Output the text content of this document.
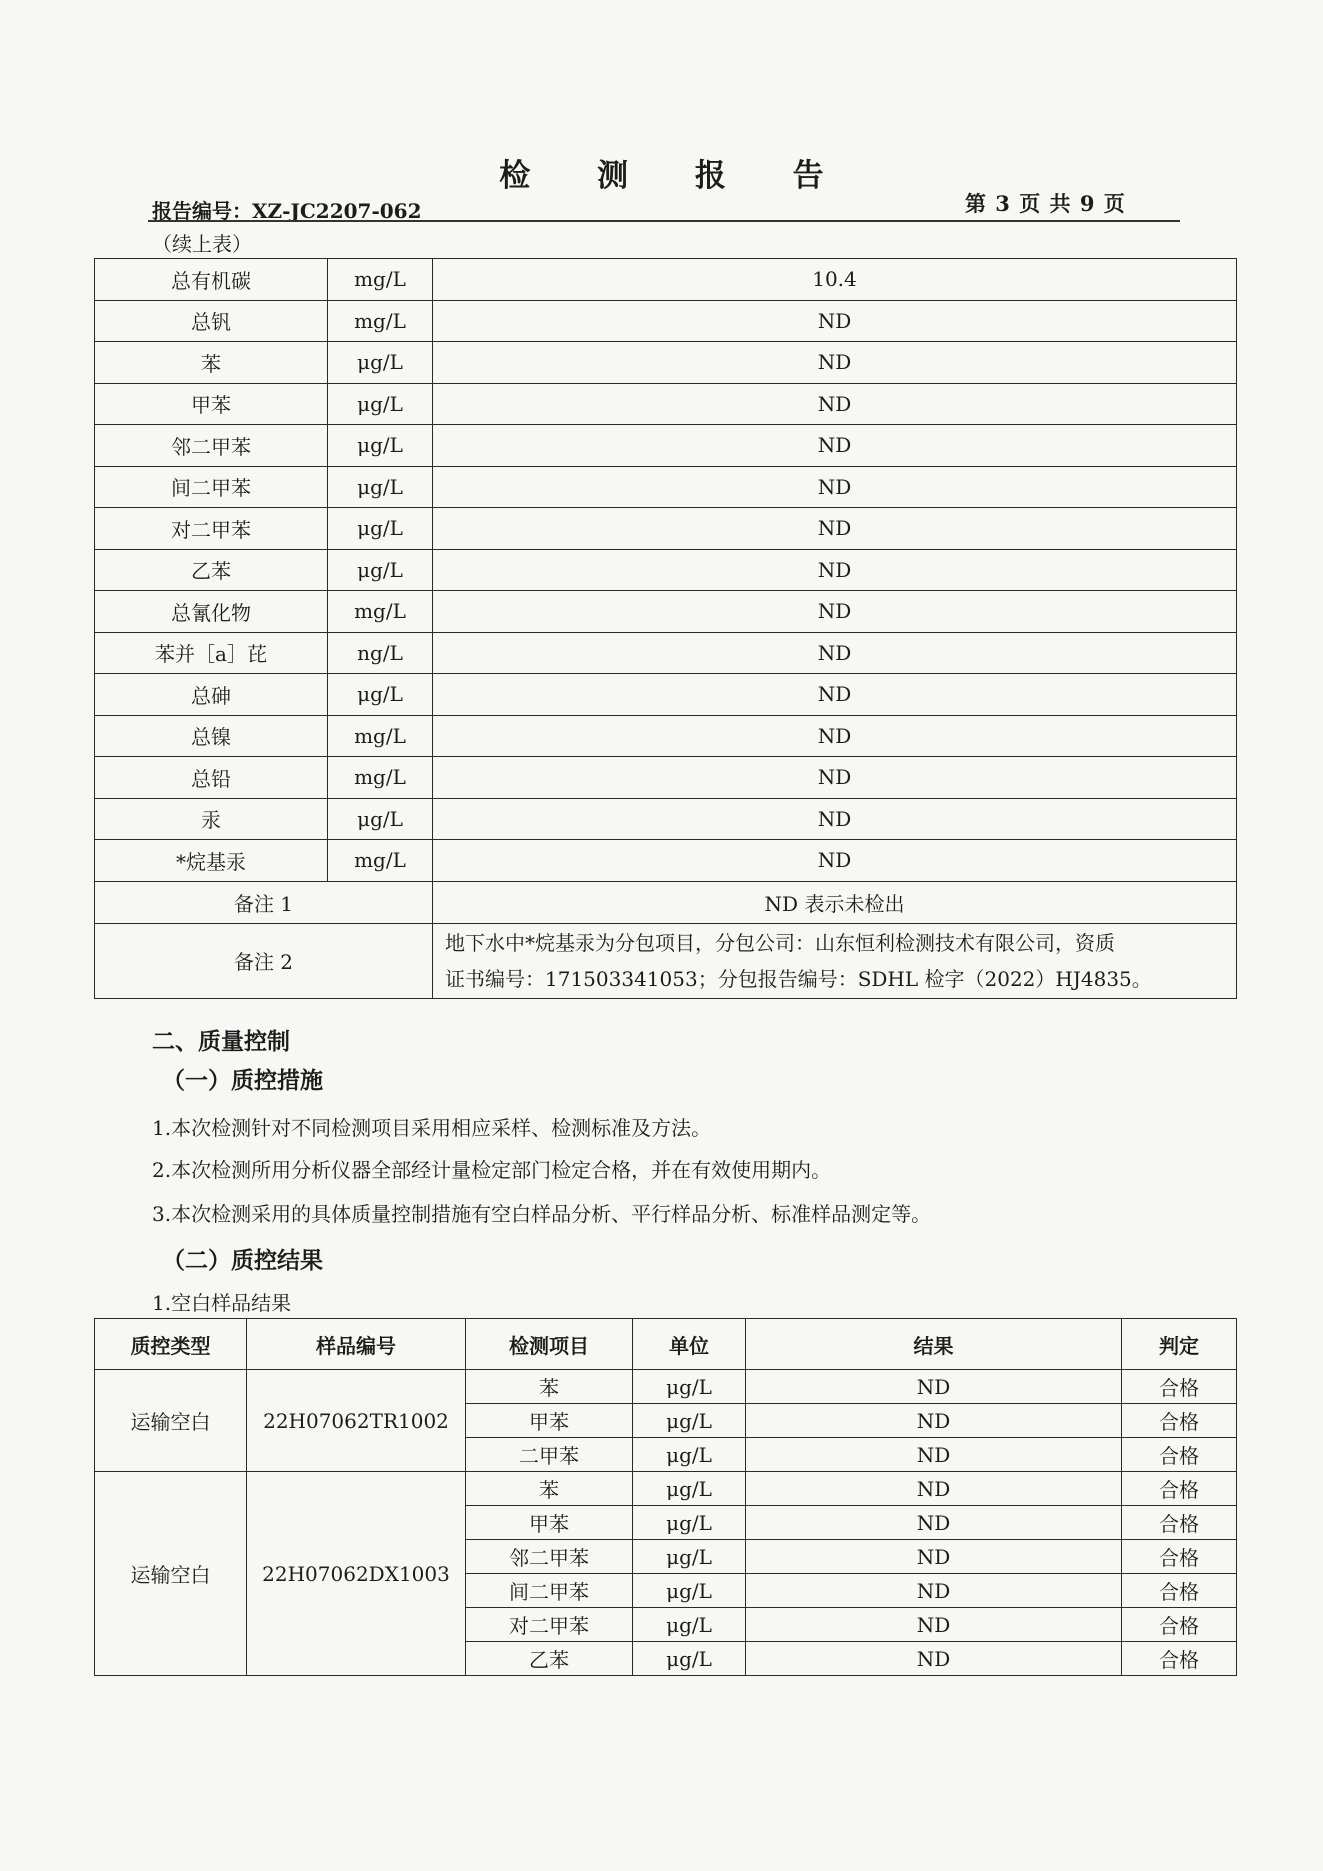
检 测 报 告
报告编号：XZ-JC2207-062	第 3 页 共 9 页
（续上表）
总有机碳	mg/L	10.4
总钒	mg/L	ND
苯	μg/L	ND
甲苯	μg/L	ND
邻二甲苯	μg/L	ND
间二甲苯	μg/L	ND
对二甲苯	μg/L	ND
乙苯	μg/L	ND
总氰化物	mg/L	ND
苯并［a］芘	ng/L	ND
总砷	μg/L	ND
总镍	mg/L	ND
总铅	mg/L	ND
汞	μg/L	ND
*烷基汞	mg/L	ND
备注 1		ND 表示未检出
备注 2		地下水中*烷基汞为分包项目，分包公司：山东恒利检测技术有限公司，资质
证书编号：171503341053；分包报告编号：SDHL 检字（2022）HJ4835。
二、质量控制
（一）质控措施
1.本次检测针对不同检测项目采用相应采样、检测标准及方法。
2.本次检测所用分析仪器全部经计量检定部门检定合格，并在有效使用期内。
3.本次检测采用的具体质量控制措施有空白样品分析、平行样品分析、标准样品测定等。
（二）质控结果
1.空白样品结果
质控类型	样品编号	检测项目	单位	结果	判定
运输空白	22H07062TR1002	苯	μg/L	ND	合格
		甲苯	μg/L	ND	合格
		二甲苯	μg/L	ND	合格
运输空白	22H07062DX1003	苯	μg/L	ND	合格
		甲苯	μg/L	ND	合格
		邻二甲苯	μg/L	ND	合格
		间二甲苯	μg/L	ND	合格
		对二甲苯	μg/L	ND	合格
		乙苯	μg/L	ND	合格
